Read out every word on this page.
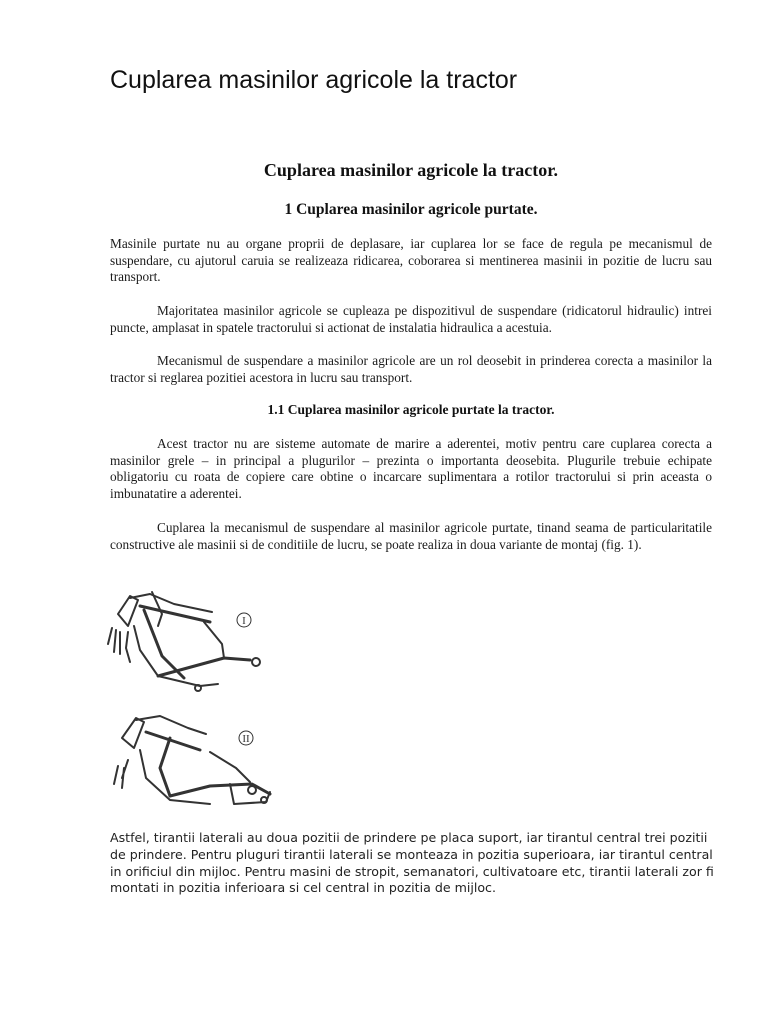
Cuplarea masinilor agricole la tractor
Cuplarea masinilor agricole la tractor.
1 Cuplarea masinilor agricole purtate.

Masinile purtate nu au organe proprii de deplasare, iar cuplarea lor se face de regula pe mecanismul de suspendare, cu ajutorul caruia se realizeaza ridicarea, coborarea si mentinerea masinii in pozitie de lucru sau transport.

Majoritatea masinilor agricole se cupleaza pe dispozitivul de suspendare (ridicatorul hidraulic) intrei puncte, amplasat in spatele tractorului si actionat de instalatia hidraulica a acestuia.

Mecanismul de suspendare a masinilor agricole are un rol deosebit in prinderea corecta a masinilor la tractor si reglarea pozitiei acestora in lucru sau transport.

1.1 Cuplarea masinilor agricole purtate la tractor.

Acest tractor nu are sisteme automate de marire a aderentei, motiv pentru care cuplarea corecta a masinilor grele – in principal a plugurilor – prezinta o importanta deosebita. Plugurile trebuie echipate obligatoriu cu roata de copiere care obtine o incarcare suplimentara a rotilor tractorului si prin aceasta o imbunatatire a aderentei.

Cuplarea la mecanismul de suspendare al masinilor agricole purtate, tinand seama de particularitatile constructive ale masinii si de conditiile de lucru, se poate realiza in doua variante de montaj (fig. 1).

I
II

Astfel, tirantii laterali au doua pozitii de prindere pe placa suport, iar tirantul central trei pozitii de prindere. Pentru pluguri tirantii laterali se monteaza in pozitia superioara, iar tirantul central in orificiul din mijloc. Pentru masini de stropit, semanatori, cultivatoare etc, tirantii laterali zor fi montati in pozitia inferioara si cel central in pozitia de mijloc.
